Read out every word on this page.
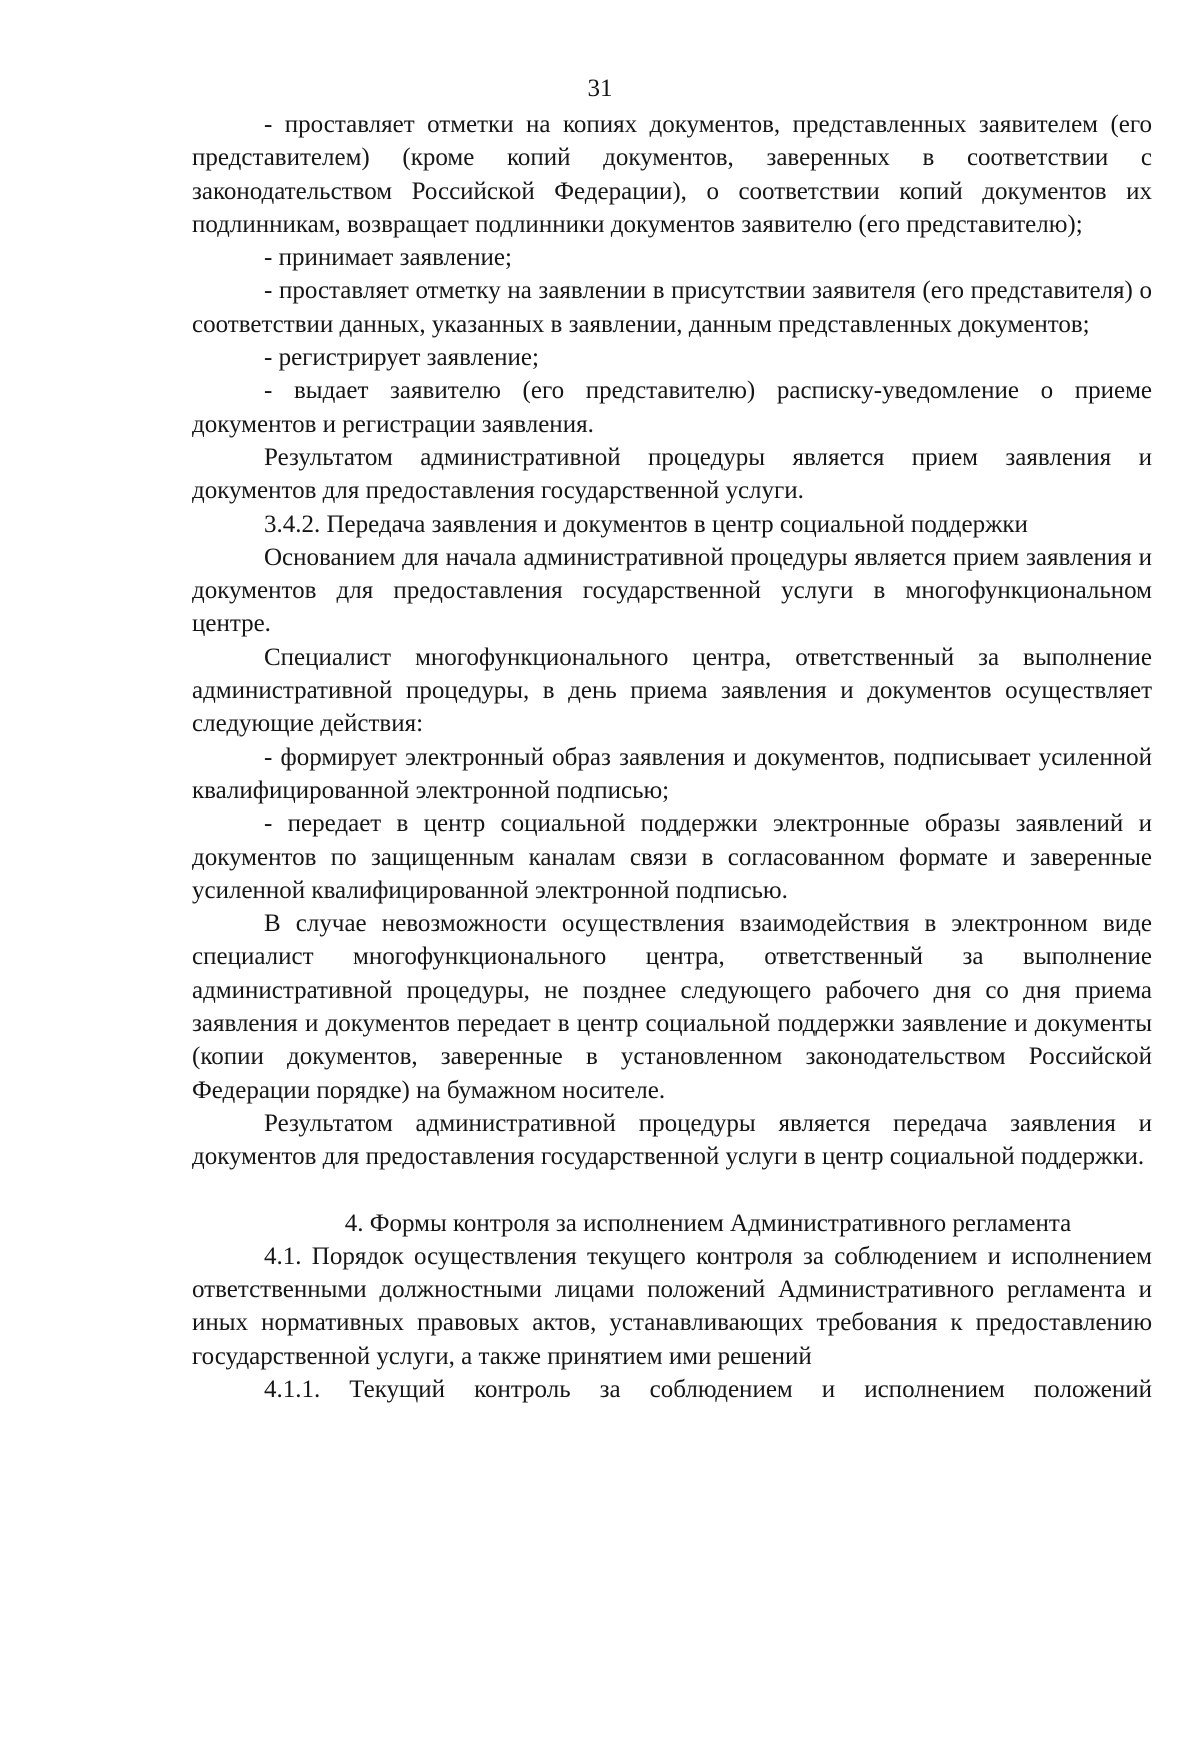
31

- проставляет отметки на копиях документов, представленных заявителем (его представителем) (кроме копий документов, заверенных в соответствии с законодательством Российской Федерации), о соответствии копий документов их подлинникам, возвращает подлинники документов заявителю (его представителю);

- принимает заявление;

- проставляет отметку на заявлении в присутствии заявителя (его представителя) о соответствии данных, указанных в заявлении, данным представленных документов;

- регистрирует заявление;

- выдает заявителю (его представителю) расписку-уведомление о приеме документов и регистрации заявления.

Результатом административной процедуры является прием заявления и документов для предоставления государственной услуги.

3.4.2. Передача заявления и документов в центр социальной поддержки

Основанием для начала административной процедуры является прием заявления и документов для предоставления государственной услуги в многофункциональном центре.

Специалист многофункционального центра, ответственный за выполнение административной процедуры, в день приема заявления и документов осуществляет следующие действия:

- формирует электронный образ заявления и документов, подписывает усиленной квалифицированной электронной подписью;

- передает в центр социальной поддержки электронные образы заявлений и документов по защищенным каналам связи в согласованном формате и заверенные усиленной квалифицированной электронной подписью.

В случае невозможности осуществления взаимодействия в электронном виде специалист многофункционального центра, ответственный за выполнение административной процедуры, не позднее следующего рабочего дня со дня приема заявления и документов передает в центр социальной поддержки заявление и документы (копии документов, заверенные в установленном законодательством Российской Федерации порядке) на бумажном носителе.

Результатом административной процедуры является передача заявления и документов для предоставления государственной услуги в центр социальной поддержки.

4. Формы контроля за исполнением Административного регламента

4.1. Порядок осуществления текущего контроля за соблюдением и исполнением ответственными должностными лицами положений Административного регламента и иных нормативных правовых актов, устанавливающих требования к предоставлению государственной услуги, а также принятием ими решений

4.1.1. Текущий контроль за соблюдением и исполнением положений
